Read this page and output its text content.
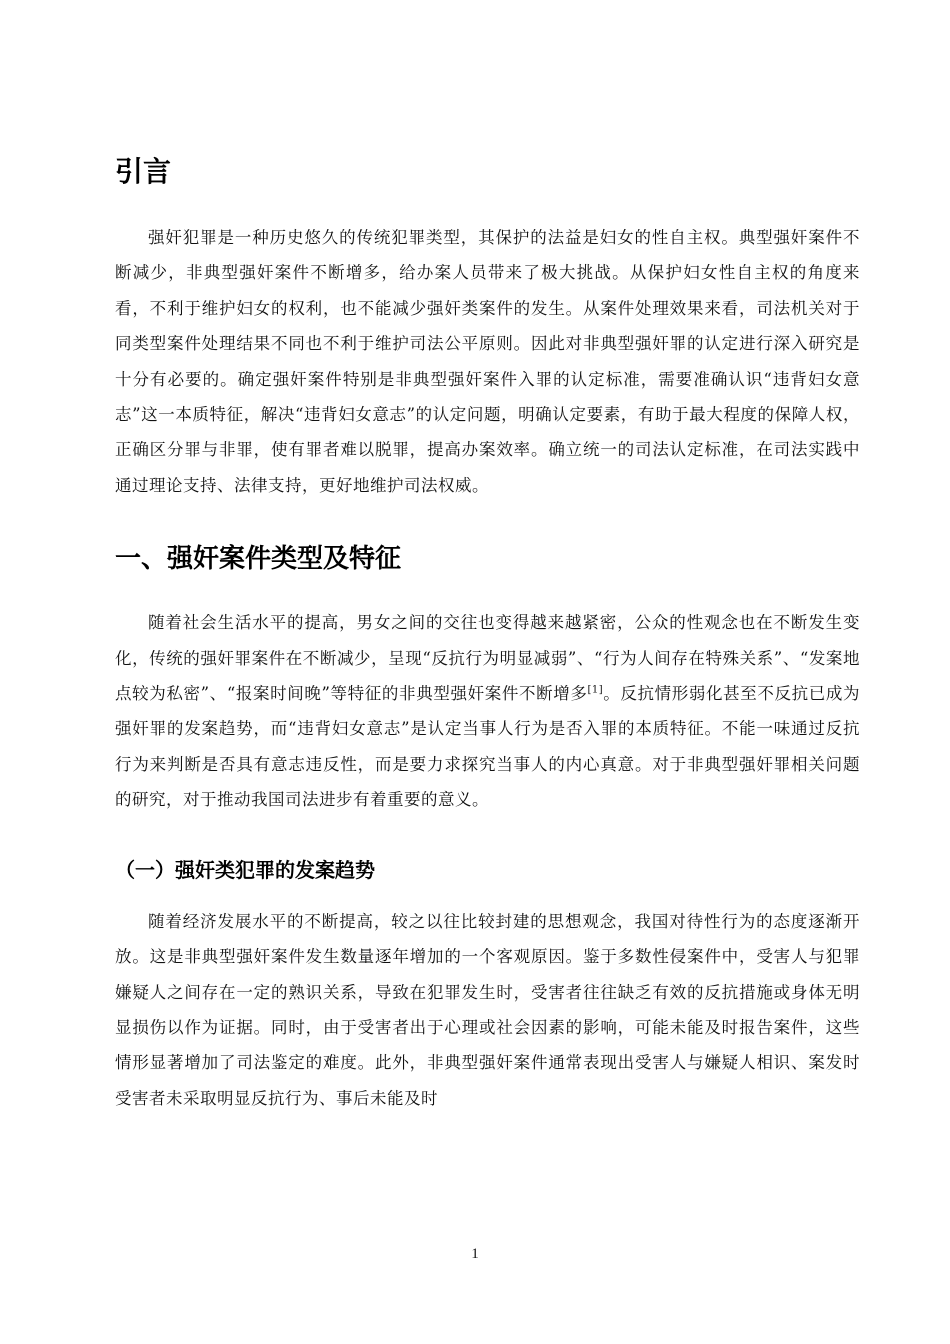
引言

强奸犯罪是一种历史悠久的传统犯罪类型，其保护的法益是妇女的性自主权。典型强奸案件不断减少，非典型强奸案件不断增多，给办案人员带来了极大挑战。从保护妇女性自主权的角度来看，不利于维护妇女的权利，也不能减少强奸类案件的发生。从案件处理效果来看，司法机关对于同类型案件处理结果不同也不利于维护司法公平原则。因此对非典型强奸罪的认定进行深入研究是十分有必要的。确定强奸案件特别是非典型强奸案件入罪的认定标准，需要准确认识“违背妇女意志”这一本质特征，解决“违背妇女意志”的认定问题，明确认定要素，有助于最大程度的保障人权，正确区分罪与非罪，使有罪者难以脱罪，提高办案效率。确立统一的司法认定标准，在司法实践中通过理论支持、法律支持，更好地维护司法权威。

一、强奸案件类型及特征

随着社会生活水平的提高，男女之间的交往也变得越来越紧密，公众的性观念也在不断发生变化，传统的强奸罪案件在不断减少，呈现“反抗行为明显减弱”、“行为人间存在特殊关系”、“发案地点较为私密”、“报案时间晚”等特征的非典型强奸案件不断增多[1]。反抗情形弱化甚至不反抗已成为强奸罪的发案趋势，而“违背妇女意志”是认定当事人行为是否入罪的本质特征。不能一味通过反抗行为来判断是否具有意志违反性，而是要力求探究当事人的内心真意。对于非典型强奸罪相关问题的研究，对于推动我国司法进步有着重要的意义。

（一）强奸类犯罪的发案趋势

随着经济发展水平的不断提高，较之以往比较封建的思想观念，我国对待性行为的态度逐渐开放。这是非典型强奸案件发生数量逐年增加的一个客观原因。鉴于多数性侵案件中，受害人与犯罪嫌疑人之间存在一定的熟识关系，导致在犯罪发生时，受害者往往缺乏有效的反抗措施或身体无明显损伤以作为证据。同时，由于受害者出于心理或社会因素的影响，可能未能及时报告案件，这些情形显著增加了司法鉴定的难度。此外，非典型强奸案件通常表现出受害人与嫌疑人相识、案发时受害者未采取明显反抗行为、事后未能及时

1
